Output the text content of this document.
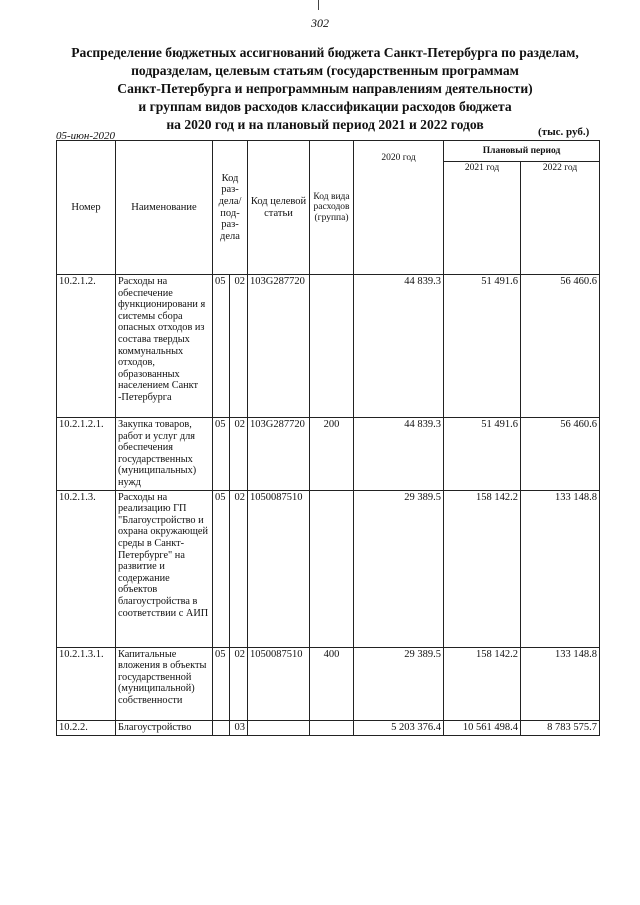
302
Распределение бюджетных ассигнований бюджета Санкт-Петербурга по разделам,
подразделам, целевым статьям (государственным программам
Санкт-Петербурга и непрограммным направлениям деятельности)
и группам видов расходов классификации расходов бюджета
на 2020 год и на плановый период 2021 и 2022 годов
05-июн-2020	(тыс. руб.)
Номер	Наименование	Код раз- дела/ под- раз- дела		Код целевой статьи	Код вида расходов (группа)	2020 год	Плановый период	
							2021 год	2022 год
10.2.1.2.	Расходы на обеспечение функционировани я системы сбора опасных отходов из состава твердых коммунальных отходов, образованных населением Санкт -Петербурга	05	02	103G287720		44 839.3	51 491.6	56 460.6
10.2.1.2.1.	Закупка товаров, работ и услуг для обеспечения государственных (муниципальных) нужд	05	02	103G287720	200	44 839.3	51 491.6	56 460.6
10.2.1.3.	Расходы на реализацию ГП "Благоустройство и охрана окружающей среды в Санкт-Петербурге" на развитие и содержание объектов благоустройства в соответствии с АИП	05	02	1050087510		29 389.5	158 142.2	133 148.8
10.2.1.3.1.	Капитальные вложения в объекты государственной (муниципальной) собственности	05	02	1050087510	400	29 389.5	158 142.2	133 148.8
10.2.2.	Благоустройство		03			5 203 376.4	10 561 498.4	8 783 575.7
